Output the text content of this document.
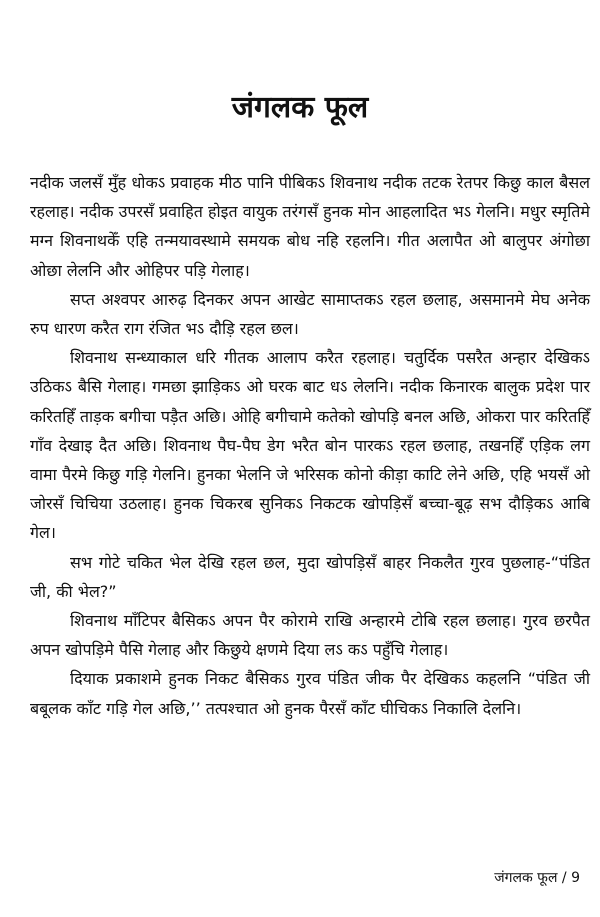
जंगलक फूल

नदीक जलसँ मुँह धोकऽ प्रवाहक मीठ पानि पीबिकऽ शिवनाथ नदीक तटक रेतपर किछु काल बैसल रहलाह। नदीक उपरसँ प्रवाहित होइत वायुक तरंगसँ हुनक मोन आहलादित भऽ गेलनि। मधुर स्मृतिमे मग्न शिवनाथकेँ एहि तन्मयावस्थामे समयक बोध नहि रहलनि। गीत अलापैत ओ बालुपर अंगोछा ओछा लेलनि और ओहिपर पड़ि गेलाह।

सप्त अश्वपर आरुढ़ दिनकर अपन आखेट सामाप्तकऽ रहल छलाह, असमानमे मेघ अनेक रुप धारण करैत राग रंजित भऽ दौड़ि रहल छल।

शिवनाथ सन्ध्याकाल धरि गीतक आलाप करैत रहलाह। चतुर्दिक पसरैत अन्हार देखिकऽ उठिकऽ बैसि गेलाह। गमछा झाड़िकऽ ओ घरक बाट धऽ लेलनि। नदीक किनारक बालुक प्रदेश पार करितहिँ ताड़क बगीचा पड़ैत अछि। ओहि बगीचामे कतेको खोपड़ि बनल अछि, ओकरा पार करितहिँ गाँव देखाइ दैत अछि। शिवनाथ पैघ-पैघ डेग भरैत बोन पारकऽ रहल छलाह, तखनहिँ एड़िक लग वामा पैरमे किछु गड़ि गेलनि। हुनका भेलनि जे भरिसक कोनो कीड़ा काटि लेने अछि, एहि भयसँ ओ जोरसँ चिचिया उठलाह। हुनक चिकरब सुनिकऽ निकटक खोपड़िसँ बच्चा-बूढ़ सभ दौड़िकऽ आबि गेल।

सभ गोटे चकित भेल देखि रहल छल, मुदा खोपड़िसँ बाहर निकलैत गुरव पुछलाह-“पंडित जी, की भेल?”

शिवनाथ माँटिपर बैसिकऽ अपन पैर कोरामे राखि अन्हारमे टोबि रहल छलाह। गुरव छरपैत अपन खोपड़िमे पैसि गेलाह और किछुये क्षणमे दिया लऽ कऽ पहुँचि गेलाह।

दियाक प्रकाशमे हुनक निकट बैसिकऽ गुरव पंडित जीक पैर देखिकऽ कहलनि “पंडित जी बबूलक काँट गड़ि गेल अछि,’’ तत्पश्चात ओ हुनक पैरसँ काँट घीचिकऽ निकालि देलनि।

जंगलक फूल / 9
